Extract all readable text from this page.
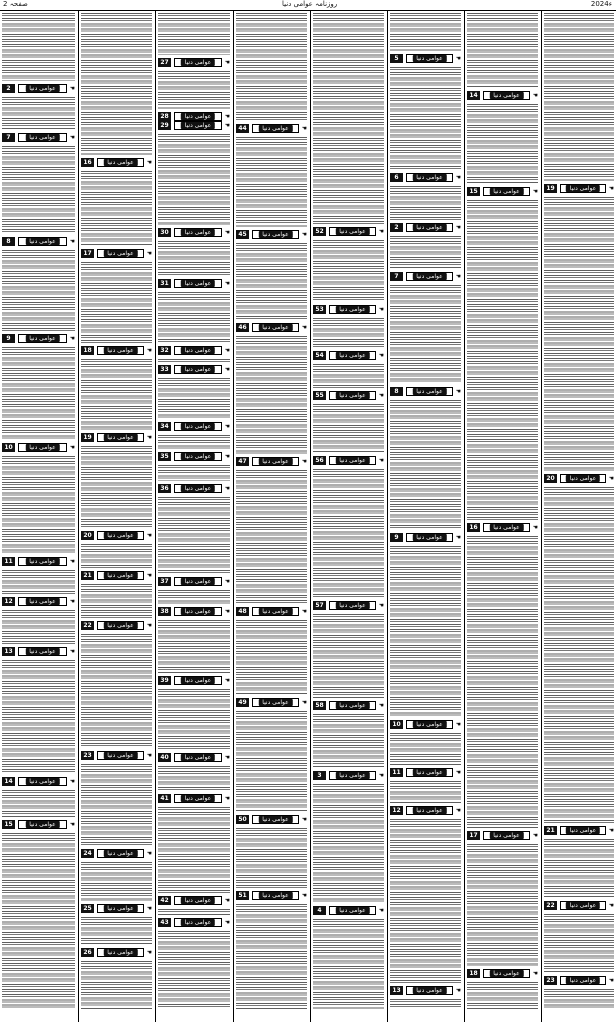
صفحہ 2	روزنامہ عوامی دنیا	2024ء
2	عوامی دنیا	☚
7	عوامی دنیا	☚
8	عوامی دنیا	☚
9	عوامی دنیا	☚
10	عوامی دنیا	☚
11	عوامی دنیا	☚
12	عوامی دنیا	☚
13	عوامی دنیا	☚
14	عوامی دنیا	☚
15	عوامی دنیا	☚
16	عوامی دنیا	☚
17	عوامی دنیا	☚
18	عوامی دنیا	☚
19	عوامی دنیا	☚
20	عوامی دنیا	☚
21	عوامی دنیا	☚
22	عوامی دنیا	☚
23	عوامی دنیا	☚
24	عوامی دنیا	☚
25	عوامی دنیا	☚
26	عوامی دنیا	☚
27	عوامی دنیا	☚
28	عوامی دنیا	☚
29	عوامی دنیا	☚
30	عوامی دنیا	☚
31	عوامی دنیا	☚
32	عوامی دنیا	☚
33	عوامی دنیا	☚
34	عوامی دنیا	☚
35	عوامی دنیا	☚
36	عوامی دنیا	☚
37	عوامی دنیا	☚
38	عوامی دنیا	☚
39	عوامی دنیا	☚
40	عوامی دنیا	☚
41	عوامی دنیا	☚
42	عوامی دنیا	☚
43	عوامی دنیا	☚
44	عوامی دنیا	☚
45	عوامی دنیا	☚
46	عوامی دنیا	☚
47	عوامی دنیا	☚
48	عوامی دنیا	☚
49	عوامی دنیا	☚
50	عوامی دنیا	☚
51	عوامی دنیا	☚
52	عوامی دنیا	☚
53	عوامی دنیا	☚
54	عوامی دنیا	☚
55	عوامی دنیا	☚
56	عوامی دنیا	☚
57	عوامی دنیا	☚
58	عوامی دنیا	☚
3	عوامی دنیا	☚
4	عوامی دنیا	☚
5	عوامی دنیا	☚
6	عوامی دنیا	☚
2	عوامی دنیا	☚
7	عوامی دنیا	☚
8	عوامی دنیا	☚
9	عوامی دنیا	☚
10	عوامی دنیا	☚
11	عوامی دنیا	☚
12	عوامی دنیا	☚
13	عوامی دنیا	☚
14	عوامی دنیا	☚
15	عوامی دنیا	☚
16	عوامی دنیا	☚
17	عوامی دنیا	☚
18	عوامی دنیا	☚
19	عوامی دنیا	☚
20	عوامی دنیا	☚
21	عوامی دنیا	☚
22	عوامی دنیا	☚
23	عوامی دنیا	☚
